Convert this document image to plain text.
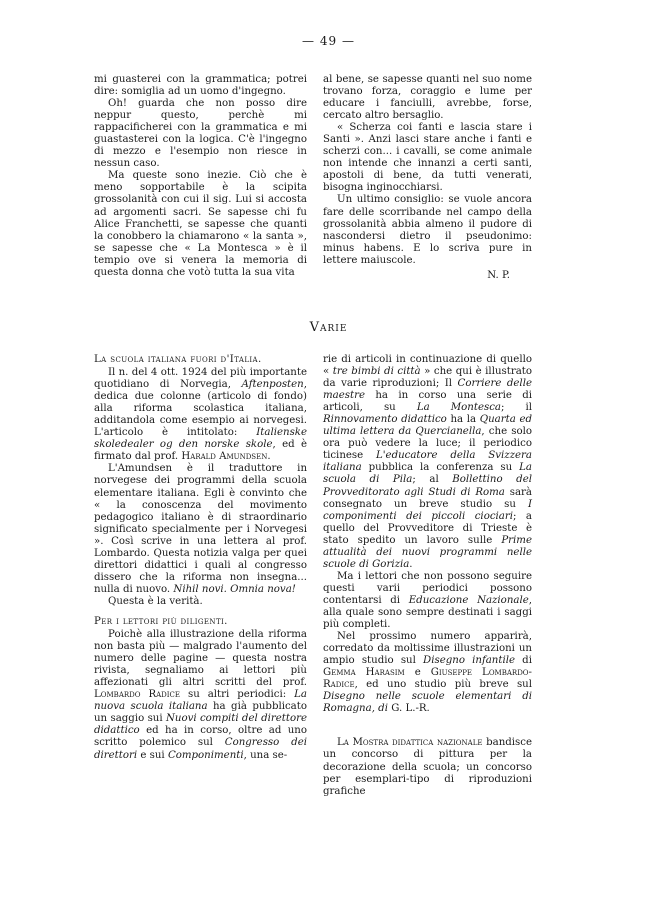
— 49 —

mi guasterei con la grammatica; potrei dire: somiglia ad un uomo d'ingegno.

Oh! guarda che non posso dire neppur questo, perchè mi rappacificherei con la grammatica e mi guastasterei con la logica. C'è l'ingegno di mezzo e l'esempio non riesce in nessun caso.

Ma queste sono inezie. Ciò che è meno sopportabile è la scipita grossolanità con cui il sig. Lui si accosta ad argomenti sacri. Se sapesse chi fu Alice Franchetti, se sapesse che quanti la conobbero la chiamarono « la santa », se sapesse che « La Montesca » è il tempio ove si venera la memoria di questa donna che votò tutta la sua vita

al bene, se sapesse quanti nel suo nome trovano forza, coraggio e lume per educare i fanciulli, avrebbe, forse, cercato altro bersaglio.

« Scherza coi fanti e lascia stare i Santi ». Anzi lasci stare anche i fanti e scherzi con... i cavalli, se come animale non intende che innanzi a certi santi, apostoli di bene, da tutti venerati, bisogna inginocchiarsi.

Un ultimo consiglio: se vuole ancora fare delle scorribande nel campo della grossolanità abbia almeno il pudore di nascondersi dietro il pseudonimo: minus habens. E lo scriva pure in lettere maiuscole.

N. P.

Varie

La scuola italiana fuori d'Italia.

Il n. del 4 ott. 1924 del più importante quotidiano di Norvegia, Aftenposten, dedica due colonne (articolo di fondo) alla riforma scolastica italiana, additandola come esempio ai norvegesi. L'articolo è intitolato: Italienske skoledealer og den norske skole, ed è firmato dal prof. Harald Amundsen.

L'Amundsen è il traduttore in norvegese dei programmi della scuola elementare italiana. Egli è convinto che « la conoscenza del movimento pedagogico italiano è di straordinario significato specialmente per i Norvegesi ». Così scrive in una lettera al prof. Lombardo. Questa notizia valga per quei direttori didattici i quali al congresso dissero che la riforma non insegna... nulla di nuovo. Nihil novi. Omnia nova!

Questa è la verità.

Per i lettori più diligenti.

Poichè alla illustrazione della riforma non basta più — malgrado l'aumento del numero delle pagine — questa nostra rivista, segnaliamo ai lettori più affezionati gli altri scritti del prof. Lombardo Radice su altri periodici: La nuova scuola italiana ha già pubblicato un saggio sui Nuovi compiti del direttore didattico ed ha in corso, oltre ad uno scritto polemico sul Congresso dei direttori e sui Componimenti, una se-

rie di articoli in continuazione di quello « tre bimbi di città » che qui è illustrato da varie riproduzioni; Il Corriere delle maestre ha in corso una serie di articoli, su La Montesca; il Rinnovamento didattico ha la Quarta ed ultima lettera da Quercianella, che solo ora può vedere la luce; il periodico ticinese L'educatore della Svizzera italiana pubblica la conferenza su La scuola di Pila; al Bollettino del Provveditorato agli Studi di Roma sarà consegnato un breve studio su I componimenti dei piccoli ciociari; a quello del Provveditore di Trieste è stato spedito un lavoro sulle Prime attualità dei nuovi programmi nelle scuole di Gorizia.

Ma i lettori che non possono seguire questi varii periodici possono contentarsi di Educazione Nazionale, alla quale sono sempre destinati i saggi più completi.

Nel prossimo numero apparirà, corredato da moltissime illustrazioni un ampio studio sul Disegno infantile di Gemma Harasim e Giuseppe Lombardo-Radice, ed uno studio più breve sul Disegno nelle scuole elementari di Romagna, di G. L.-R.

La Mostra didattica nazionale bandisce un concorso di pittura per la decorazione della scuola; un concorso per esemplari-tipo di riproduzioni grafiche
